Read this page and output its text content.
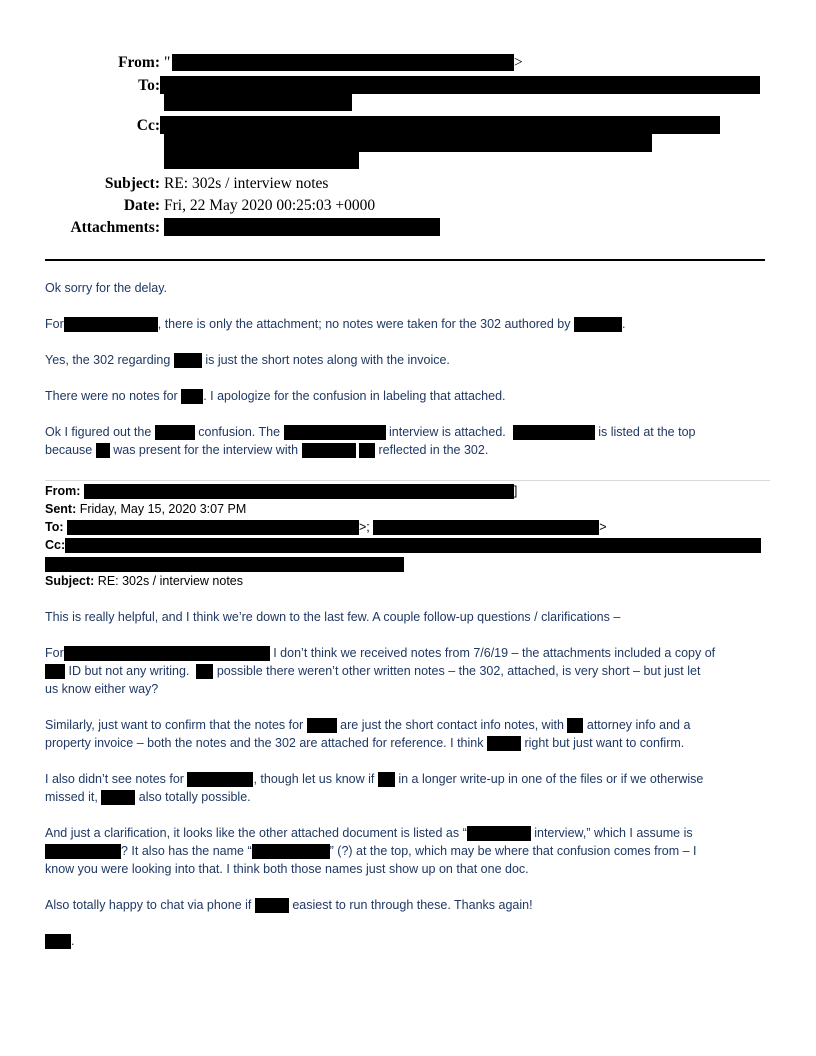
From: "	>
To:
Cc:
Subject: RE: 302s / interview notes
Date: Fri, 22 May 2020 00:25:03 +0000
Attachments:
Ok sorry for the delay.
For	, there is only the attachment; no notes were taken for the 302 authored by	.
Yes, the 302 regarding	is just the short notes along with the invoice.
There were no notes for . I apologize for the confusion in labeling that attached.
Ok I figured out the	confusion. The	interview is attached.	is listed at the top
because was present for the interview with	reflected in the 302.
From:	]
Sent: Friday, May 15, 2020 3:07 PM
To:	>;	>
Cc:
Subject: RE: 302s / interview notes
This is really helpful, and I think we’re down to the last few. A couple follow-up questions / clarifications –
For	I don’t think we received notes from 7/6/19 – the attachments included a copy of
ID but not any writing. possible there weren’t other written notes – the 302, attached, is very short – but just let
us know either way?
Similarly, just want to confirm that the notes for	are just the short contact info notes, with attorney info and a
property invoice – both the notes and the 302 are attached for reference. I think	right but just want to confirm.
I also didn’t see notes for	, though let us know if in a longer write-up in one of the files or if we otherwise
missed it,	also totally possible.
And just a clarification, it looks like the other attached document is listed as “	interview,” which I assume is
? It also has the name “	” (?) at the top, which may be where that confusion comes from – I
know you were looking into that. I think both those names just show up on that one doc.
Also totally happy to chat via phone if	easiest to run through these. Thanks again!
.
